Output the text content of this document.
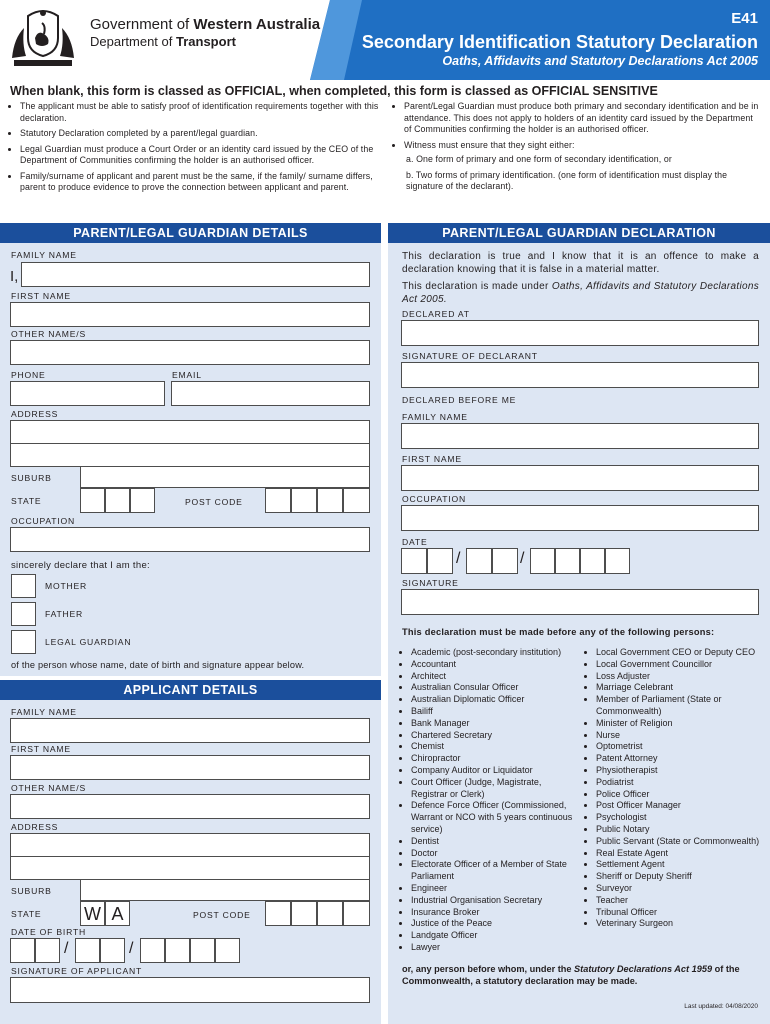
Government of Western Australia
Department of Transport
E41
Secondary Identification Statutory Declaration
Oaths, Affidavits and Statutory Declarations Act 2005
When blank, this form is classed as OFFICIAL, when completed, this form is classed as OFFICIAL SENSITIVE
• The applicant must be able to satisfy proof of identification requirements together with this declaration.
• Statutory Declaration completed by a parent/legal guardian.
• Legal Guardian must produce a Court Order or an identity card issued by the CEO of the Department of Communities confirming the holder is an authorised officer.
• Family/surname of applicant and parent must be the same, if the family/ surname differs, parent to produce evidence to prove the connection between applicant and parent.
• Parent/Legal Guardian must produce both primary and secondary identification and be in attendance. This does not apply to holders of an identity card issued by the Department of Communities confirming the holder is an authorised officer.
• Witness must ensure that they sight either:
a. One form of primary and one form of secondary identification, or
b. Two forms of primary identification. (one form of identification must display the signature of the declarant).
PARENT/LEGAL GUARDIAN DETAILS
FAMILY NAME
I,
FIRST NAME
OTHER NAME/S
PHONE	EMAIL
ADDRESS
SUBURB
STATE	POST CODE
OCCUPATION
sincerely declare that I am the:
MOTHER
FATHER
LEGAL GUARDIAN
of the person whose name, date of birth and signature appear below.
APPLICANT DETAILS
FAMILY NAME
FIRST NAME
OTHER NAME/S
ADDRESS
SUBURB
STATE W A	POST CODE
DATE OF BIRTH
/	/
SIGNATURE OF APPLICANT
PARENT/LEGAL GUARDIAN DECLARATION
This declaration is true and I know that it is an offence to make a declaration knowing that it is false in a material matter.
This declaration is made under Oaths, Affidavits and Statutory Declarations Act 2005.
DECLARED AT
SIGNATURE OF DECLARANT
DECLARED BEFORE ME
FAMILY NAME
FIRST NAME
OCCUPATION
DATE
/	/
SIGNATURE
This declaration must be made before any of the following persons:
• Academic (post-secondary institution)
• Accountant
• Architect
• Australian Consular Officer
• Australian Diplomatic Officer
• Bailiff
• Bank Manager
• Chartered Secretary
• Chemist
• Chiropractor
• Company Auditor or Liquidator
• Court Officer (Judge, Magistrate, Registrar or Clerk)
• Defence Force Officer (Commissioned, Warrant or NCO with 5 years continuous service)
• Dentist
• Doctor
• Electorate Officer of a Member of State Parliament
• Engineer
• Industrial Organisation Secretary
• Insurance Broker
• Justice of the Peace
• Landgate Officer
• Lawyer
• Local Government CEO or Deputy CEO
• Local Government Councillor
• Loss Adjuster
• Marriage Celebrant
• Member of Parliament (State or Commonwealth)
• Minister of Religion
• Nurse
• Optometrist
• Patent Attorney
• Physiotherapist
• Podiatrist
• Police Officer
• Post Officer Manager
• Psychologist
• Public Notary
• Public Servant (State or Commonwealth)
• Real Estate Agent
• Settlement Agent
• Sheriff or Deputy Sheriff
• Surveyor
• Teacher
• Tribunal Officer
• Veterinary Surgeon
or, any person before whom, under the Statutory Declarations Act 1959 of the Commonwealth, a statutory declaration may be made.
Last updated: 04/08/2020
